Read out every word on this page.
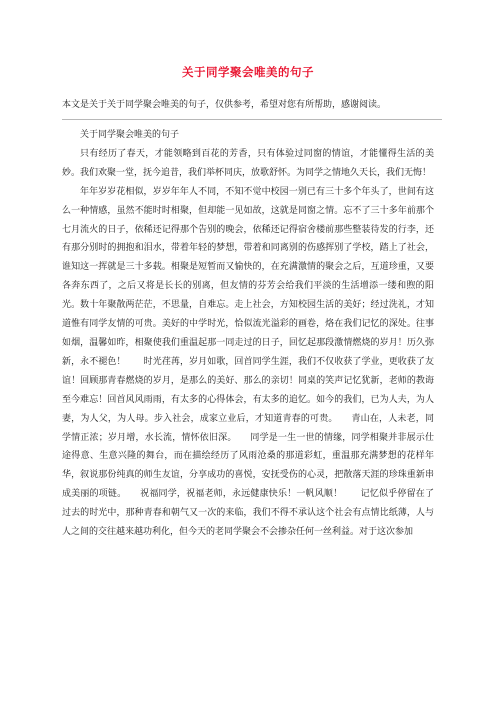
关于同学聚会唯美的句子
本文是关于关于同学聚会唯美的句子，仅供参考，希望对您有所帮助，感谢阅读。

关于同学聚会唯美的句子

只有经历了春天，才能领略到百花的芳香，只有体验过同窗的情谊，才能懂得生活的美妙。我们欢聚一堂，抚今追昔，我们举杯同庆，放歌舒怀。为同学之情地久天长，我们无悔！

年年岁岁花相似，岁岁年年人不同，不知不觉中校园一别已有三十多个年头了，世间有这么一种情感，虽然不能时时相聚，但却能一见如故，这就是同窗之情。忘不了三十多年前那个七月流火的日子，依稀还记得那个告别的晚会，依稀还记得宿舍楼前那些整装待发的行李，还有那分别时的拥抱和泪水，带着年轻的梦想，带着和同离别的伤感挥别了学校，踏上了社会，谁知这一挥就是三十多载。相聚是短暂而又愉快的，在充满激情的聚会之后，互道珍重，又要各奔东西了，之后又将是长长的别离，但友情的芬芳会给我们平淡的生活增添一缕和煦的阳光。数十年聚散两茫茫，不思量，自难忘。走上社会，方知校园生活的美好；经过洗礼，才知道惟有同学友情的可贵。美好的中学时光，恰似流光溢彩的画卷，烙在我们记忆的深处。往事如烟，温馨如昨，相聚使我们重温起那一同走过的日子，回忆起那段激情燃烧的岁月！历久弥新，永不褪色！　　时光荏苒，岁月如歌，回首同学生涯，我们不仅收获了学业，更收获了友谊！回顾那青春燃烧的岁月，是那么的美好、那么的亲切！同桌的笑声记忆犹新，老师的教诲至今难忘！回首风风雨雨，有太多的心得体会，有太多的追忆。如今的我们，已为人夫，为人妻，为人父，为人母。步入社会，成家立业后，才知道青春的可贵。　　青山在，人未老，同学情正浓；岁月增，水长流，情怀依旧深。　　同学是一生一世的情缘，同学相聚并非展示仕途得意、生意兴隆的舞台，而在描绘经历了风雨沧桑的那道彩虹，重温那充满梦想的花样年华，叙说那份纯真的师生友谊，分享成功的喜悦，安抚受伤的心灵，把散落天涯的珍珠重新串成美丽的项链。　　祝福同学，祝福老师，永远健康快乐！一帆风顺！　　记忆似乎停留在了过去的时光中，那种青春和朝气又一次的来临，我们不得不承认这个社会有点情比纸薄，人与人之间的交往越来越功利化，但今天的老同学聚会不会掺杂任何一丝利益。对于这次参加
